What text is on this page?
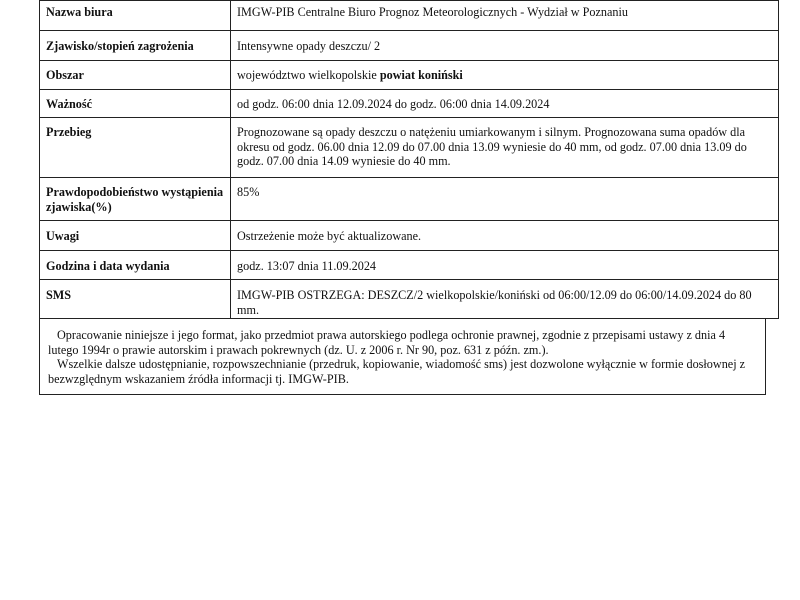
Nazwa biura	IMGW-PIB Centralne Biuro Prognoz Meteorologicznych - Wydział w Poznaniu
Zjawisko/stopień zagrożenia	Intensywne opady deszczu/ 2
Obszar	województwo wielkopolskie powiat koniński
Ważność	od godz. 06:00 dnia 12.09.2024 do godz. 06:00 dnia 14.09.2024
Przebieg	Prognozowane są opady deszczu o natężeniu umiarkowanym i silnym. Prognozowana suma opadów dla okresu od godz. 06.00 dnia 12.09 do 07.00 dnia 13.09 wyniesie do 40 mm, od godz. 07.00 dnia 13.09 do godz. 07.00 dnia 14.09 wyniesie do 40 mm.
Prawdopodobieństwo wystąpienia zjawiska(%)	85%
Uwagi	Ostrzeżenie może być aktualizowane.
Godzina i data wydania	godz. 13:07 dnia 11.09.2024
SMS	IMGW-PIB OSTRZEGA: DESZCZ/2 wielkopolskie/koniński od 06:00/12.09 do 06:00/14.09.2024 do 80 mm.

Opracowanie niniejsze i jego format, jako przedmiot prawa autorskiego podlega ochronie prawnej, zgodnie z przepisami ustawy z dnia 4 lutego 1994r o prawie autorskim i prawach pokrewnych (dz. U. z 2006 r. Nr 90, poz. 631 z późn. zm.).

Wszelkie dalsze udostępnianie, rozpowszechnianie (przedruk, kopiowanie, wiadomość sms) jest dozwolone wyłącznie w formie dosłownej z bezwzględnym wskazaniem źródła informacji tj. IMGW-PIB.
